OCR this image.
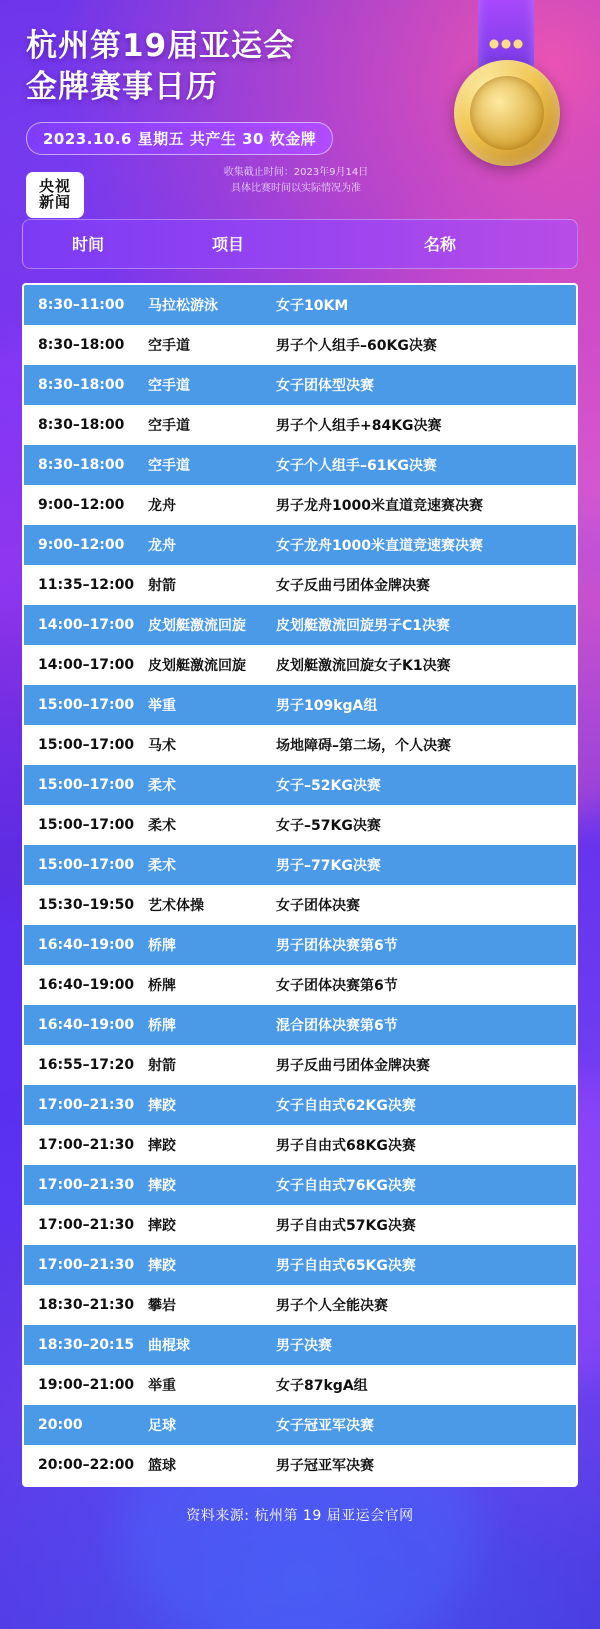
杭州第19届亚运会
金牌赛事日历
2023.10.6 星期五 共产生 30 枚金牌
收集截止时间：2023年9月14日
具体比赛时间以实际情况为准
央视
新闻
时间	项目	名称
8:30–11:00	马拉松游泳	女子10KM
8:30–18:00	空手道	男子个人组手–60KG决赛
8:30–18:00	空手道	女子团体型决赛
8:30–18:00	空手道	男子个人组手+84KG决赛
8:30–18:00	空手道	女子个人组手–61KG决赛
9:00–12:00	龙舟	男子龙舟1000米直道竞速赛决赛
9:00–12:00	龙舟	女子龙舟1000米直道竞速赛决赛
11:35–12:00 射箭	女子反曲弓团体金牌决赛
14:00–17:00 皮划艇激流回旋	皮划艇激流回旋男子C1决赛
14:00–17:00 皮划艇激流回旋	皮划艇激流回旋女子K1决赛
15:00–17:00 举重	男子109kgA组
15:00–17:00 马术	场地障碍–第二场，个人决赛
15:00–17:00 柔术	女子–52KG决赛
15:00–17:00 柔术	女子–57KG决赛
15:00–17:00 柔术	男子–77KG决赛
15:30–19:50 艺术体操	女子团体决赛
16:40–19:00 桥牌	男子团体决赛第6节
16:40–19:00 桥牌	女子团体决赛第6节
16:40–19:00 桥牌	混合团体决赛第6节
16:55–17:20 射箭	男子反曲弓团体金牌决赛
17:00–21:30 摔跤	女子自由式62KG决赛
17:00–21:30 摔跤	男子自由式68KG决赛
17:00–21:30 摔跤	女子自由式76KG决赛
17:00–21:30 摔跤	男子自由式57KG决赛
17:00–21:30 摔跤	男子自由式65KG决赛
18:30–21:30 攀岩	男子个人全能决赛
18:30–20:15 曲棍球	男子决赛
19:00–21:00 举重	女子87kgA组
20:00	足球	女子冠亚军决赛
20:00–22:00 篮球	男子冠亚军决赛
资料来源: 杭州第 19 届亚运会官网
